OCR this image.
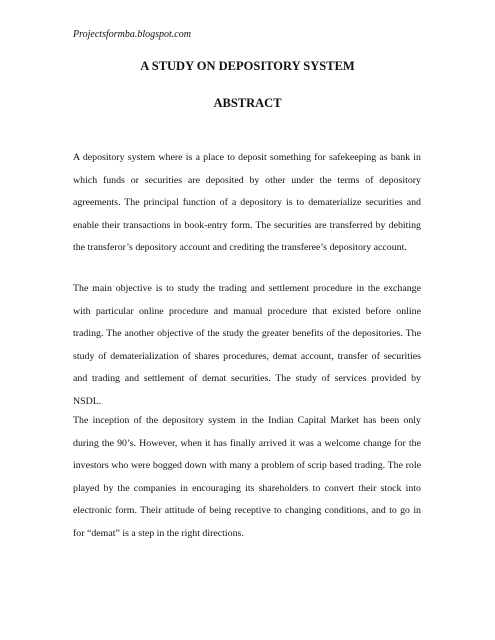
Projectsformba.blogspot.com
A STUDY ON DEPOSITORY SYSTEM
ABSTRACT

A depository system where is a place to deposit something for safekeeping as bank in which funds or securities are deposited by other under the terms of depository agreements. The principal function of a depository is to dematerialize securities and enable their transactions in book-entry form. The securities are transferred by debiting the transferor’s depository account and crediting the transferee’s depository account.

The main objective is to study the trading and settlement procedure in the exchange with particular online procedure and manual procedure that existed before online trading. The another objective of the study the greater benefits of the depositories. The study of dematerialization of shares procedures, demat account, transfer of securities and trading and settlement of demat securities. The study of services provided by NSDL.

The inception of the depository system in the Indian Capital Market has been only during the 90’s. However, when it has finally arrived it was a welcome change for the investors who were bogged down with many a problem of scrip based trading. The role played by the companies in encouraging its shareholders to convert their stock into electronic form. Their attitude of being receptive to changing conditions, and to go in for “demat” is a step in the right directions.
